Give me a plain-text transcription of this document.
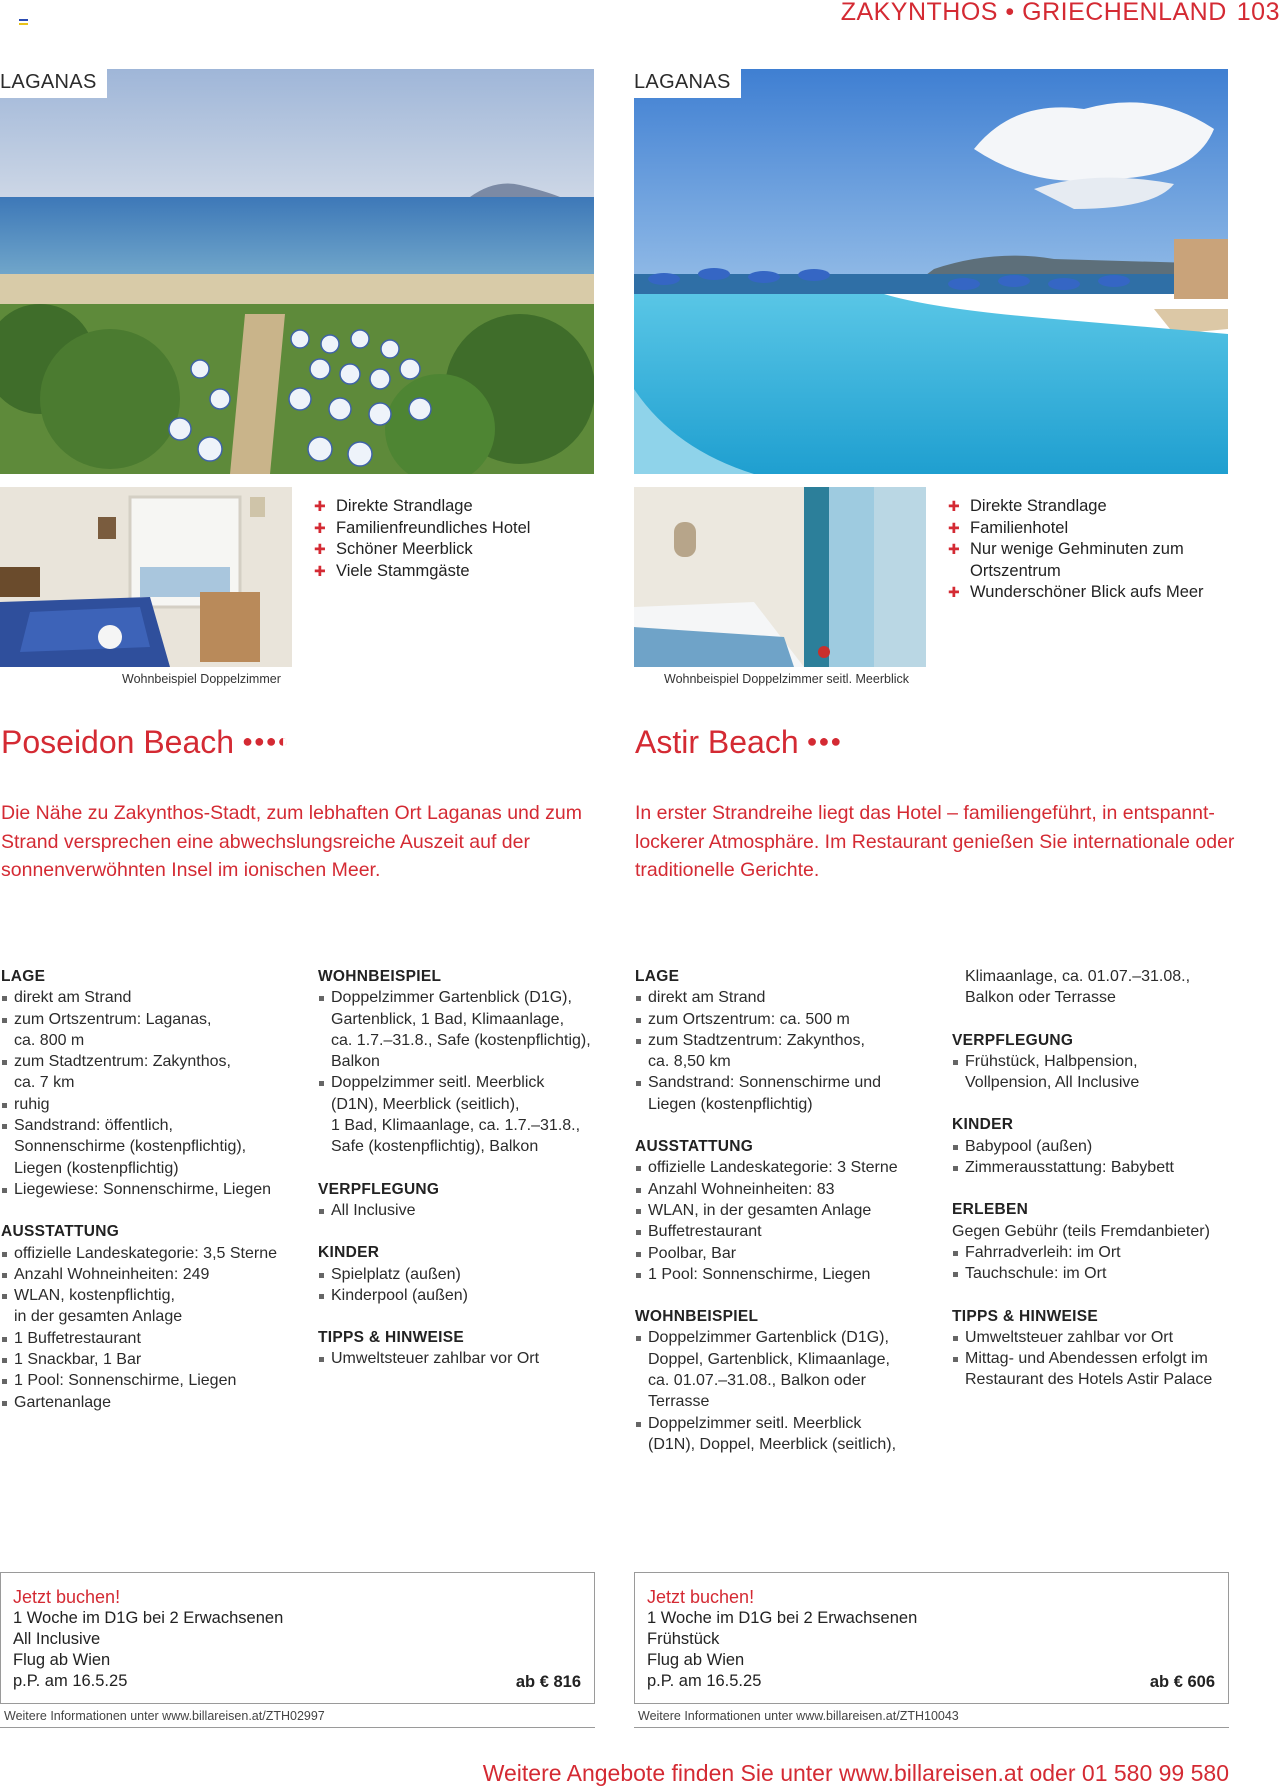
ZAKYNTHOS • GRIECHENLAND 103
LAGANAS
Wohnbeispiel Doppelzimmer
✚ Direkte Strandlage
✚ Familienfreundliches Hotel
✚ Schöner Meerblick
✚ Viele Stammgäste
Poseidon Beach ●●●◐

Die Nähe zu Zakynthos-Stadt, zum lebhaften Ort Laganas und zum Strand versprechen eine abwechslungsreiche Auszeit auf der sonnenverwöhnten Insel im ionischen Meer.

LAGANAS
Wohnbeispiel Doppelzimmer seitl. Meerblick
✚ Direkte Strandlage
✚ Familienhotel
✚ Nur wenige Gehminuten zum Ortszentrum
✚ Wunderschöner Blick aufs Meer
Astir Beach ●●●

In erster Strandreihe liegt das Hotel – familiengeführt, in entspannt-lockerer Atmosphäre. Im Restaurant genießen Sie internationale oder traditionelle Gerichte.

LAGE
direkt am Strand
zum Ortszentrum: Laganas,
ca. 800 m
zum Stadtzentrum: Zakynthos,
ca. 7 km
ruhig
Sandstrand: öffentlich,
Sonnenschirme (kostenpflichtig),
Liegen (kostenpflichtig)
Liegewiese: Sonnenschirme, Liegen
AUSSTATTUNG
offizielle Landeskategorie: 3,5 Sterne
Anzahl Wohneinheiten: 249
WLAN, kostenpflichtig,
in der gesamten Anlage
1 Buffetrestaurant
1 Snackbar, 1 Bar
1 Pool: Sonnenschirme, Liegen
Gartenanlage
WOHNBEISPIEL
Doppelzimmer Gartenblick (D1G),
Gartenblick, 1 Bad, Klimaanlage,
ca. 1.7.–31.8., Safe (kostenpflichtig),
Balkon
Doppelzimmer seitl. Meerblick
(D1N), Meerblick (seitlich),
1 Bad, Klimaanlage, ca. 1.7.–31.8.,
Safe (kostenpflichtig), Balkon
VERPFLEGUNG
All Inclusive
KINDER
Spielplatz (außen)
Kinderpool (außen)
TIPPS & HINWEISE
Umweltsteuer zahlbar vor Ort
LAGE
direkt am Strand
zum Ortszentrum: ca. 500 m
zum Stadtzentrum: Zakynthos,
ca. 8,50 km
Sandstrand: Sonnenschirme und
Liegen (kostenpflichtig)
AUSSTATTUNG
offizielle Landeskategorie: 3 Sterne
Anzahl Wohneinheiten: 83
WLAN, in der gesamten Anlage
Buffetrestaurant
Poolbar, Bar
1 Pool: Sonnenschirme, Liegen
WOHNBEISPIEL
Doppelzimmer Gartenblick (D1G),
Doppel, Gartenblick, Klimaanlage,
ca. 01.07.–31.08., Balkon oder
Terrasse
Doppelzimmer seitl. Meerblick
(D1N), Doppel, Meerblick (seitlich),
Klimaanlage, ca. 01.07.–31.08.,
Balkon oder Terrasse
VERPFLEGUNG
Frühstück, Halbpension,
Vollpension, All Inclusive
KINDER
Babypool (außen)
Zimmerausstattung: Babybett
ERLEBEN

Gegen Gebühr (teils Fremdanbieter)

Fahrradverleih: im Ort
Tauchschule: im Ort
TIPPS & HINWEISE
Umweltsteuer zahlbar vor Ort
Mittag- und Abendessen erfolgt im
Restaurant des Hotels Astir Palace
Jetzt buchen!
1 Woche im D1G bei 2 Erwachsenen
All Inclusive
Flug ab Wien
p.P. am 16.5.25	ab € 816
Weitere Informationen unter www.billareisen.at/ZTH02997
Jetzt buchen!
1 Woche im D1G bei 2 Erwachsenen
Frühstück
Flug ab Wien
p.P. am 16.5.25	ab € 606
Weitere Informationen unter www.billareisen.at/ZTH10043
Weitere Angebote finden Sie unter www.billareisen.at oder 01 580 99 580
